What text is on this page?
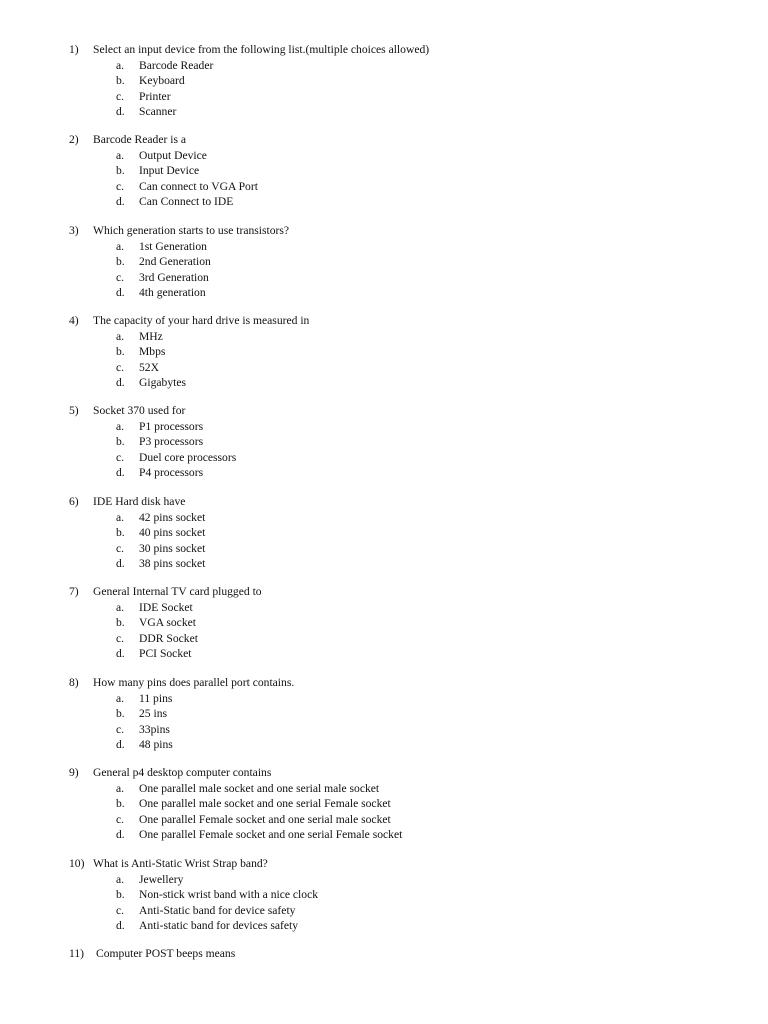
1) Select an input device from the following list.(multiple choices allowed)
a. Barcode Reader
b. Keyboard
c. Printer
d. Scanner
2) Barcode Reader is a
a. Output Device
b. Input Device
c. Can connect to VGA Port
d. Can Connect to IDE
3) Which generation starts to use transistors?
a. 1st Generation
b. 2nd Generation
c. 3rd Generation
d. 4th generation
4) The capacity of your hard drive is measured in
a. MHz
b. Mbps
c. 52X
d. Gigabytes
5) Socket 370 used for
a. P1 processors
b. P3 processors
c. Duel core processors
d. P4 processors
6) IDE Hard disk have
a. 42 pins socket
b. 40 pins socket
c. 30 pins socket
d. 38 pins socket
7) General Internal TV card plugged to
a. IDE Socket
b. VGA socket
c. DDR Socket
d. PCI Socket
8) How many pins does parallel port contains.
a. 11 pins
b. 25 ins
c. 33pins
d. 48 pins
9) General p4 desktop computer contains
a. One parallel male socket and one serial male socket
b. One parallel male socket and one serial Female socket
c. One parallel Female socket and one serial male socket
d. One parallel Female socket and one serial Female socket
10) What is Anti-Static Wrist Strap band?
a. Jewellery
b. Non-stick wrist band with a nice clock
c. Anti-Static band for device safety
d. Anti-static band for devices safety
11) Computer POST beeps means
